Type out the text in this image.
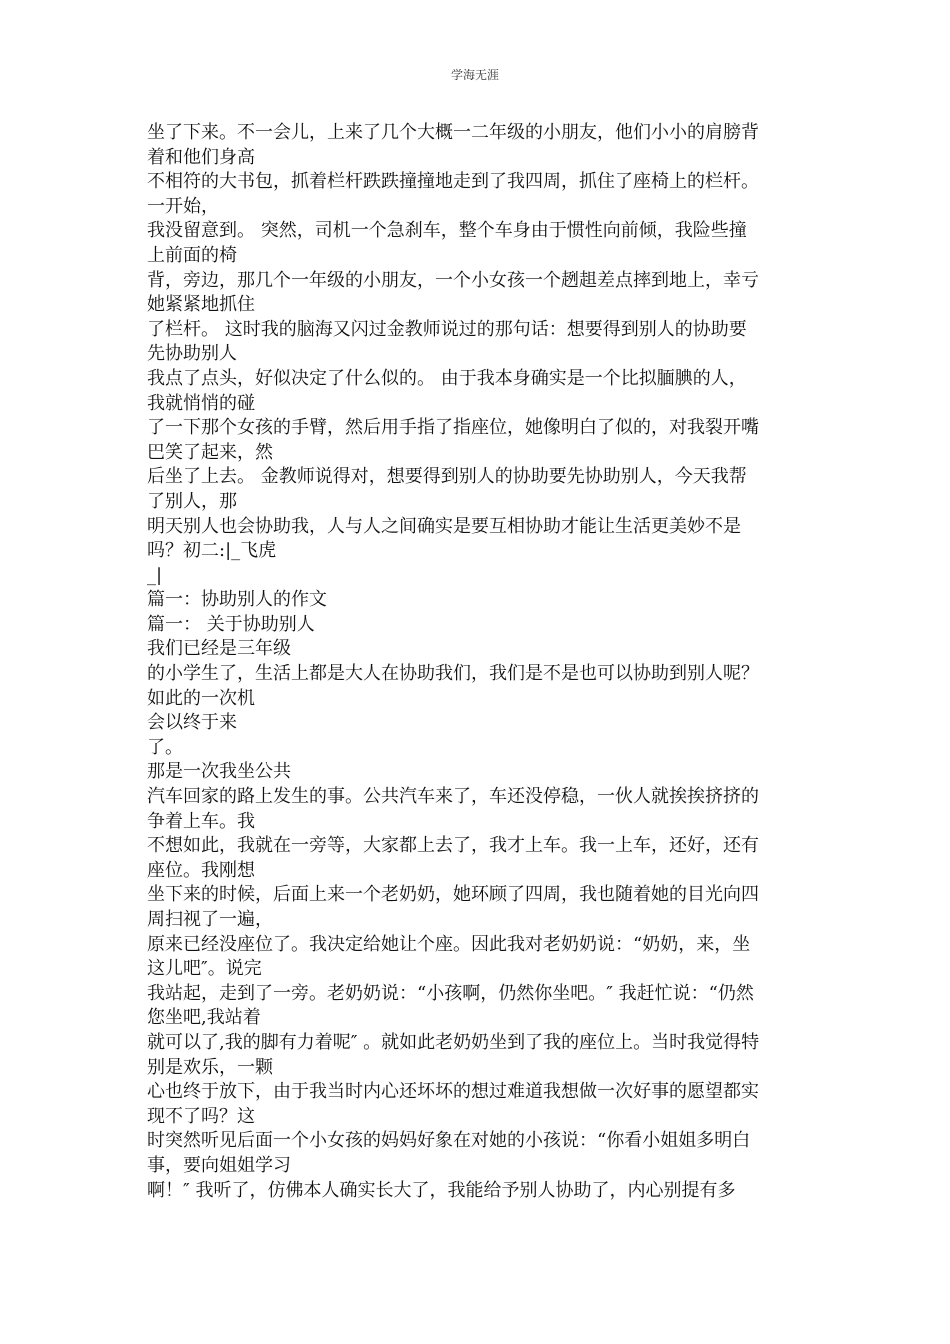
学海无涯
坐了下来。不一会儿，上来了几个大概一二年级的小朋友，他们小小的肩膀背
着和他们身高
不相符的大书包，抓着栏杆跌跌撞撞地走到了我四周，抓住了座椅上的栏杆。
一开始，
我没留意到。 突然，司机一个急刹车，整个车身由于惯性向前倾，我险些撞
上前面的椅
背，旁边，那几个一年级的小朋友，一个小女孩一个趔趄差点摔到地上，幸亏
她紧紧地抓住
了栏杆。 这时我的脑海又闪过金教师说过的那句话：想要得到别人的协助要
先协助别人
我点了点头，好似决定了什么似的。 由于我本身确实是一个比拟腼腆的人，
我就悄悄的碰
了一下那个女孩的手臂，然后用手指了指座位，她像明白了似的，对我裂开嘴
巴笑了起来，然
后坐了上去。 金教师说得对，想要得到别人的协助要先协助别人，今天我帮
了别人，那
明天别人也会协助我，人与人之间确实是要互相协助才能让生活更美妙不是
吗？初二:|_飞虎
_|
篇一：协助别人的作文
篇一： 关于协助别人
我们已经是三年级
的小学生了，生活上都是大人在协助我们，我们是不是也可以协助到别人呢？
如此的一次机
会以终于来
了。
那是一次我坐公共
汽车回家的路上发生的事。公共汽车来了，车还没停稳，一伙人就挨挨挤挤的
争着上车。我
不想如此，我就在一旁等，大家都上去了，我才上车。我一上车，还好，还有
座位。我刚想
坐下来的时候，后面上来一个老奶奶，她环顾了四周，我也随着她的目光向四
周扫视了一遍，
原来已经没座位了。我决定给她让个座。因此我对老奶奶说：“奶奶，来，坐
这儿吧″。说完
我站起，走到了一旁。老奶奶说：“小孩啊，仍然你坐吧。″ 我赶忙说：“仍然
您坐吧,我站着
就可以了,我的脚有力着呢″ 。就如此老奶奶坐到了我的座位上。当时我觉得特
别是欢乐，一颗
心也终于放下，由于我当时内心还坏坏的想过难道我想做一次好事的愿望都实
现不了吗？这
时突然听见后面一个小女孩的妈妈好象在对她的小孩说：“你看小姐姐多明白
事，要向姐姐学习
啊！″ 我听了，仿佛本人确实长大了，我能给予别人协助了，内心别提有多
